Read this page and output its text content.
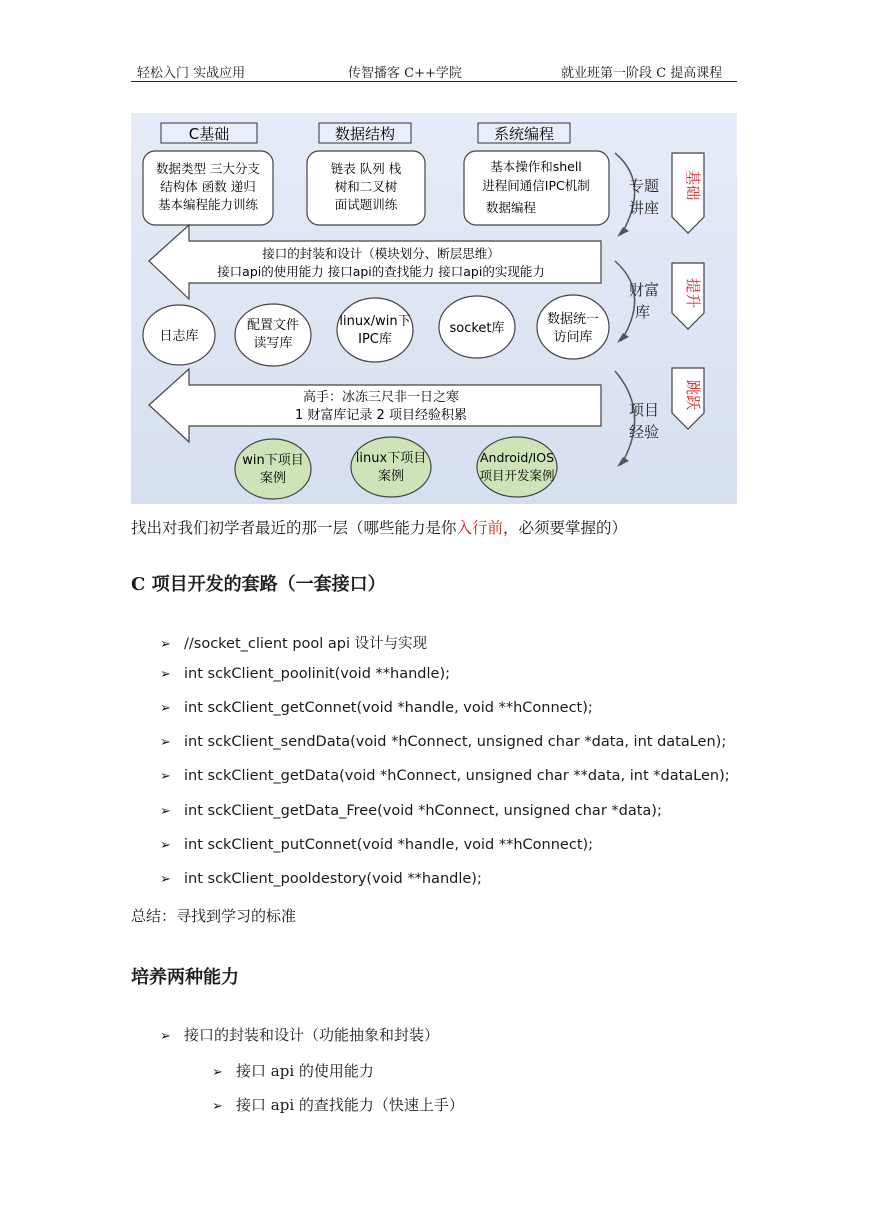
轻松入门 实战应用	传智播客 C++学院	就业班第一阶段 C 提高课程
C基础	数据结构	系统编程
数据类型 三大分支
结构体 函数 递归
基本编程能力训练
链表 队列 栈
树和二叉树
面试题训练
基本操作和shell
进程间通信IPC机制
数据编程
接口的封装和设计（模块划分、断层思维）
接口api的使用能力 接口api的查找能力 接口api的实现能力
日志库
配置文件
读写库
linux/win下
IPC库
socket库
数据统一
访问库
高手：冰冻三尺非一日之寒
1 财富库记录 2 项目经验积累
win下项目
案例
linux下项目
案例
Android/IOS
项目开发案例
专题
讲座
财富
库
项目
经验
基础
提升
跳跃
找出对我们初学者最近的那一层（哪些能力是你入行前，必须要掌握的）
C 项目开发的套路（一套接口）
➢ //socket_client pool api 设计与实现
➢ int sckClient_poolinit(void **handle);
➢ int sckClient_getConnet(void *handle, void **hConnect);
➢ int sckClient_sendData(void *hConnect, unsigned char *data, int dataLen);
➢ int sckClient_getData(void *hConnect, unsigned char **data, int *dataLen);
➢ int sckClient_getData_Free(void *hConnect, unsigned char *data);
➢ int sckClient_putConnet(void *handle, void **hConnect);
➢ int sckClient_pooldestory(void **handle);
总结：寻找到学习的标准
培养两种能力
➢ 接口的封装和设计（功能抽象和封装）
➢ 接口 api 的使用能力
➢ 接口 api 的查找能力（快速上手）
